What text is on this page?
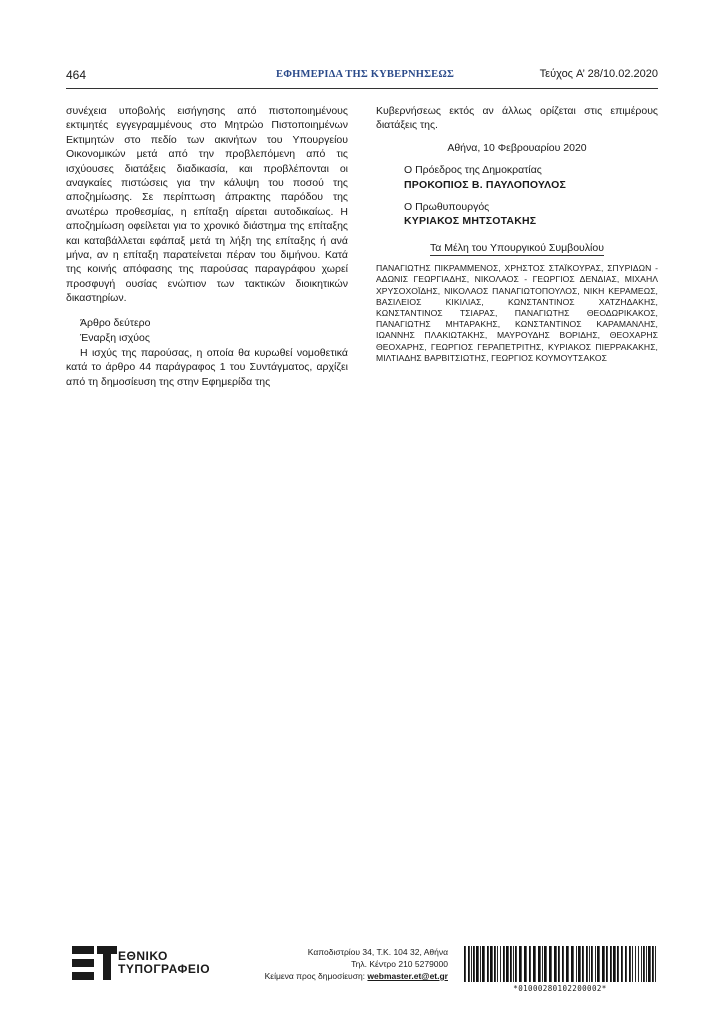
464	ΕΦΗΜΕΡΙΔΑ ΤΗΣ ΚΥΒΕΡΝΗΣΕΩΣ	Τεύχος A’ 28/10.02.2020

συνέχεια υποβολής εισήγησης από πιστοποιημένους εκτιμητές εγγεγραμμένους στο Μητρώο Πιστοποιημένων Εκτιμητών στο πεδίο των ακινήτων του Υπουργείου Οικονομικών μετά από την προβλεπόμενη από τις ισχύουσες διατάξεις διαδικασία, και προβλέπονται οι αναγκαίες πιστώσεις για την κάλυψη του ποσού της αποζημίωσης. Σε περίπτωση άπρακτης παρόδου της ανωτέρω προθεσμίας, η επίταξη αίρεται αυτοδικαίως. Η αποζημίωση οφείλεται για το χρονικό διάστημα της επίταξης και καταβάλλεται εφάπαξ μετά τη λήξη της επίταξης ή ανά μήνα, αν η επίταξη παρατείνεται πέραν του διμήνου. Κατά της κοινής απόφασης της παρούσας παραγράφου χωρεί προσφυγή ουσίας ενώπιον των τακτικών διοικητικών δικαστηρίων.

Άρθρο δεύτερο
Έναρξη ισχύος

Η ισχύς της παρούσας, η οποία θα κυρωθεί νομοθετικά κατά το άρθρο 44 παράγραφος 1 του Συντάγματος, αρχίζει από τη δημοσίευση της στην Εφημερίδα της

Κυβερνήσεως εκτός αν άλλως ορίζεται στις επιμέρους διατάξεις της.

Αθήνα, 10 Φεβρουαρίου 2020

Ο Πρόεδρος της Δημοκρατίας

ΠΡΟΚΟΠΙΟΣ Β. ΠΑΥΛΟΠΟΥΛΟΣ

Ο Πρωθυπουργός

ΚΥΡΙΑΚΟΣ ΜΗΤΣΟΤΑΚΗΣ

Τα Μέλη του Υπουργικού Συμβουλίου

ΠΑΝΑΓΙΩΤΗΣ ΠΙΚΡΑΜΜΕΝΟΣ, ΧΡΗΣΤΟΣ ΣΤΑΪΚΟΥΡΑΣ, ΣΠΥΡΙΔΩΝ - ΑΔΩΝΙΣ ΓΕΩΡΓΙΑΔΗΣ, ΝΙΚΟΛΑΟΣ - ΓΕΩΡΓΙΟΣ ΔΕΝΔΙΑΣ, ΜΙΧΑΗΛ ΧΡΥΣΟΧΟΪΔΗΣ, ΝΙΚΟΛΑΟΣ ΠΑΝΑΓΙΩΤΟΠΟΥΛΟΣ, ΝΙΚΗ ΚΕΡΑΜΕΩΣ, ΒΑΣΙΛΕΙΟΣ ΚΙΚΙΛΙΑΣ, ΚΩΝΣΤΑΝΤΙΝΟΣ ΧΑΤΖΗΔΑΚΗΣ, ΚΩΝΣΤΑΝΤΙΝΟΣ ΤΣΙΑΡΑΣ, ΠΑΝΑΓΙΩΤΗΣ ΘΕΟΔΩΡΙΚΑΚΟΣ, ΠΑΝΑΓΙΩΤΗΣ ΜΗΤΑΡΑΚΗΣ, ΚΩΝΣΤΑΝΤΙΝΟΣ ΚΑΡΑΜΑΝΛΗΣ, ΙΩΑΝΝΗΣ ΠΛΑΚΙΩΤΑΚΗΣ, ΜΑΥΡΟΥΔΗΣ ΒΟΡΙΔΗΣ, ΘΕΟΧΑΡΗΣ ΘΕΟΧΑΡΗΣ, ΓΕΩΡΓΙΟΣ ΓΕΡΑΠΕΤΡΙΤΗΣ, ΚΥΡΙΑΚΟΣ ΠΙΕΡΡΑΚΑΚΗΣ, ΜΙΛΤΙΑΔΗΣ ΒΑΡΒΙΤΣΙΩΤΗΣ, ΓΕΩΡΓΙΟΣ ΚΟΥΜΟΥΤΣΑΚΟΣ

ΕΘΝΙΚΟ
ΤΥΠΟΓΡΑΦΕΙΟ
Καποδιστρίου 34, Τ.Κ. 104 32, Αθήνα
Τηλ. Κέντρο 210 5279000
Κείμενα προς δημοσίευση: webmaster.et@et.gr
*01000280102200002*
